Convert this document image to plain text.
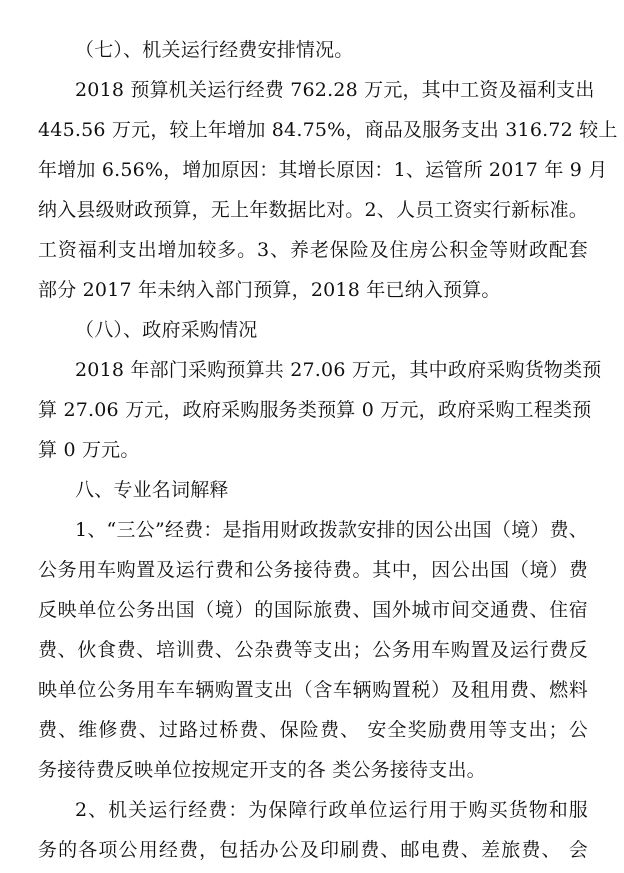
（七）、机关运行经费安排情况。
2018 预算机关运行经费 762.28 万元，其中工资及福利支出
445.56 万元，较上年增加 84.75%，商品及服务支出 316.72 较上
年增加 6.56%，增加原因：其增长原因：1、运管所 2017 年 9 月
纳入县级财政预算，无上年数据比对。2、人员工资实行新标准。
工资福利支出增加较多。3、养老保险及住房公积金等财政配套
部分 2017 年未纳入部门预算，2018 年已纳入预算。
（八）、政府采购情况
2018 年部门采购预算共 27.06 万元，其中政府采购货物类预
算 27.06 万元，政府采购服务类预算 0 万元，政府采购工程类预
算 0 万元。
八、专业名词解释
1、“三公”经费：是指用财政拨款安排的因公出国（境）费、
公务用车购置及运行费和公务接待费。其中，因公出国（境）费
反映单位公务出国（境）的国际旅费、国外城市间交通费、住宿
费、伙食费、培训费、公杂费等支出；公务用车购置及运行费反
映单位公务用车车辆购置支出（含车辆购置税）及租用费、燃料
费、维修费、过路过桥费、保险费、 安全奖励费用等支出；公
务接待费反映单位按规定开支的各 类公务接待支出。
2、机关运行经费：为保障行政单位运行用于购买货物和服
务的各项公用经费，包括办公及印刷费、邮电费、差旅费、 会
